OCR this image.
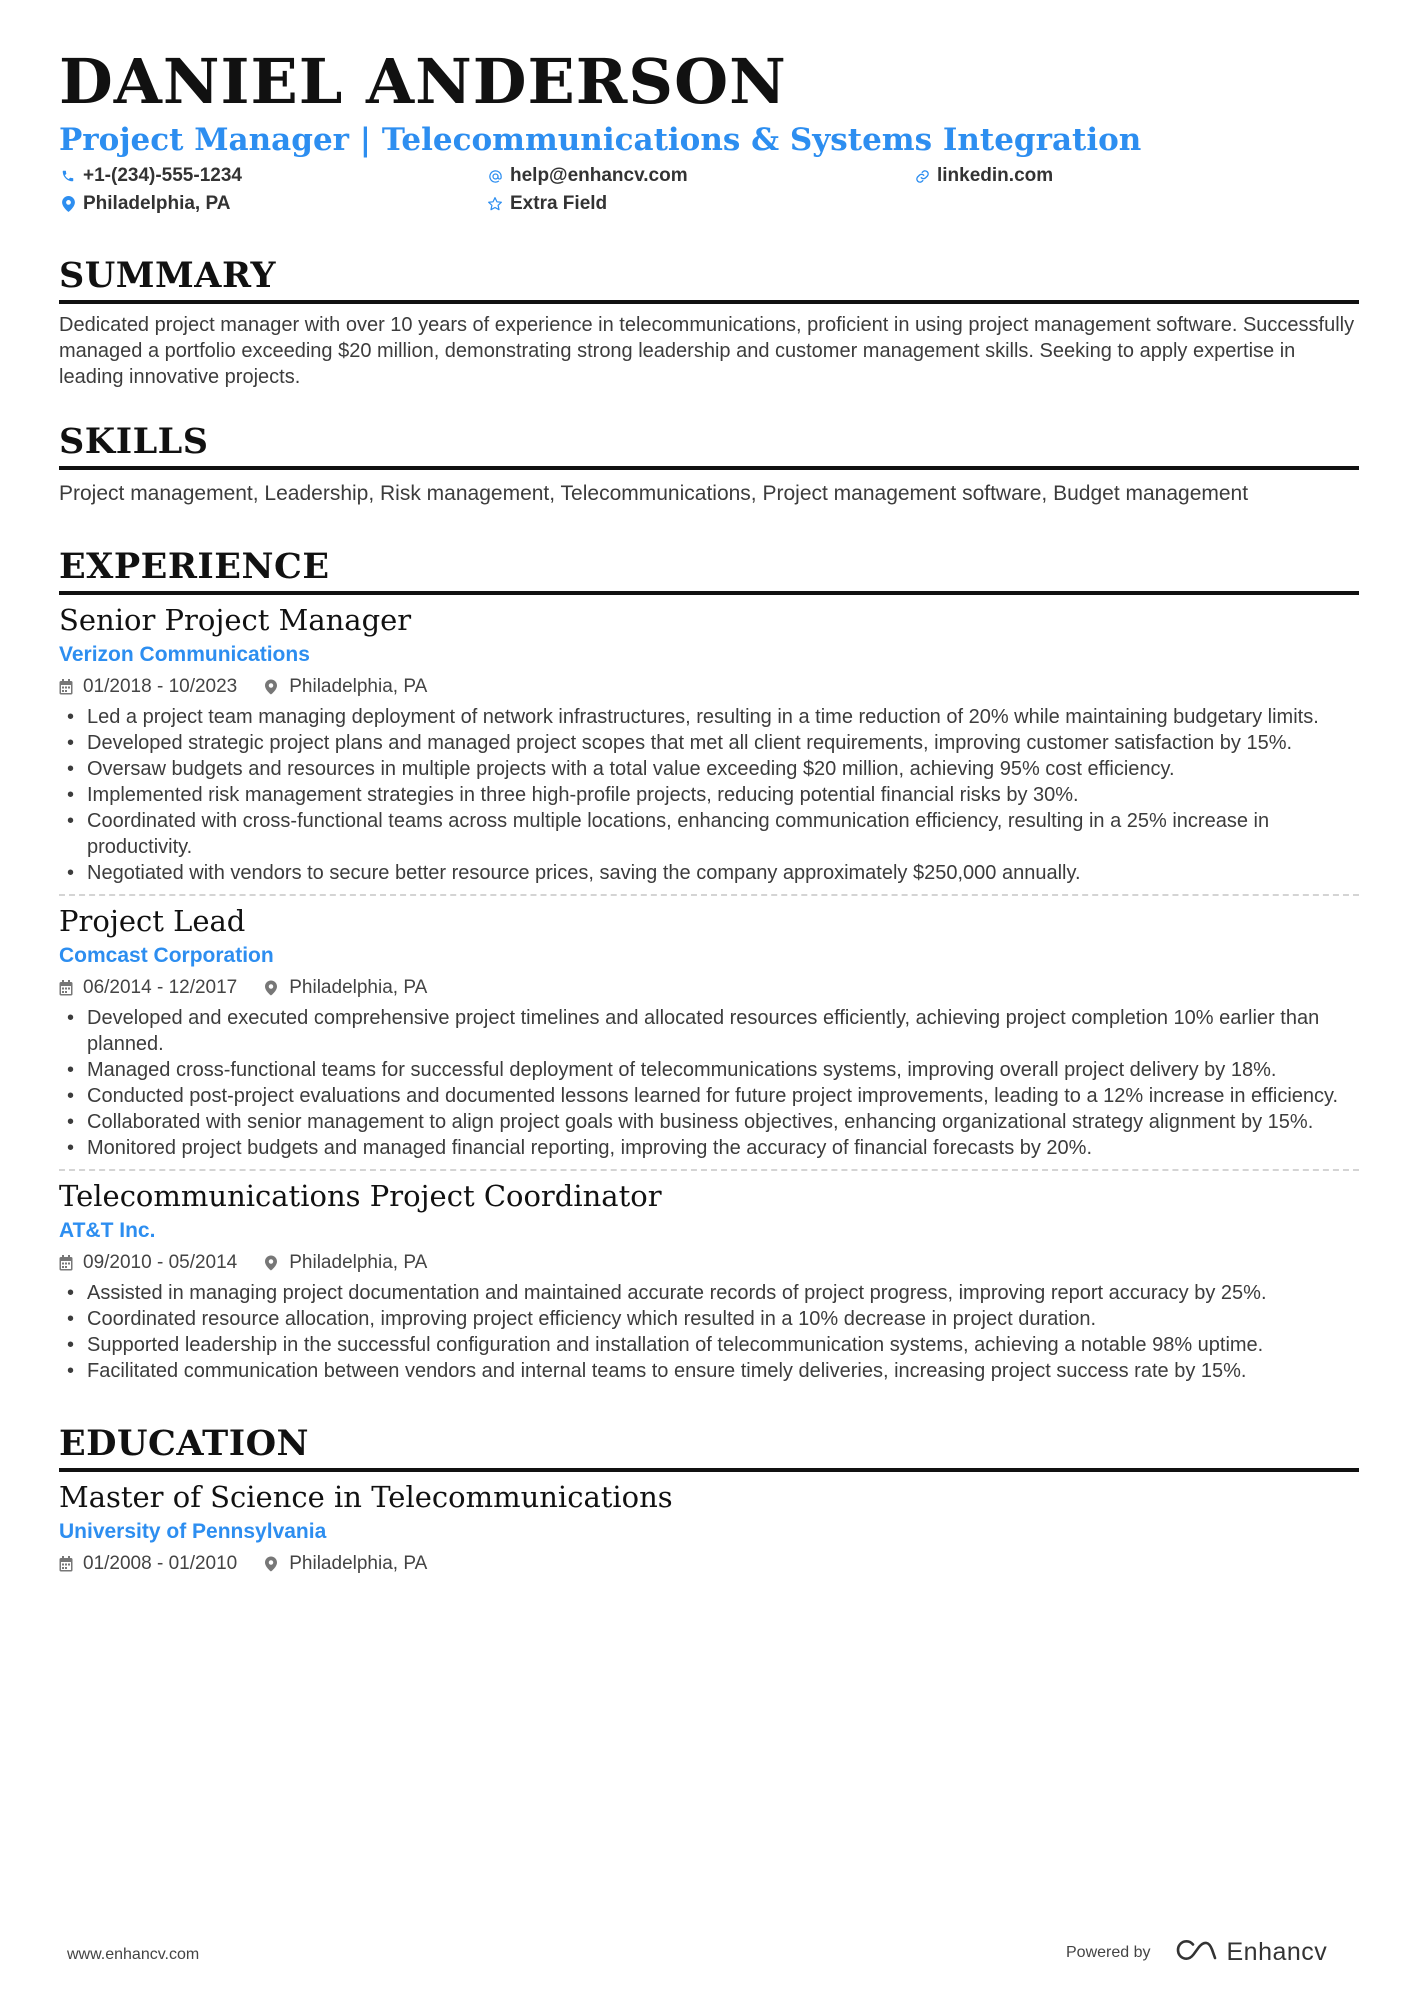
DANIEL ANDERSON
Project Manager | Telecommunications & Systems Integration
+1-(234)-555-1234	help@enhancv.com	linkedin.com
Philadelphia, PA	Extra Field
SUMMARY
Dedicated project manager with over 10 years of experience in telecommunications, proficient in using project management software. Successfully managed a portfolio exceeding $20 million, demonstrating strong leadership and customer management skills. Seeking to apply expertise in leading innovative projects.
SKILLS
Project management, Leadership, Risk management, Telecommunications, Project management software, Budget management
EXPERIENCE
Senior Project Manager
Verizon Communications
01/2018 - 10/2023	Philadelphia, PA
• Led a project team managing deployment of network infrastructures, resulting in a time reduction of 20% while maintaining budgetary limits.
• Developed strategic project plans and managed project scopes that met all client requirements, improving customer satisfaction by 15%.
• Oversaw budgets and resources in multiple projects with a total value exceeding $20 million, achieving 95% cost efficiency.
• Implemented risk management strategies in three high-profile projects, reducing potential financial risks by 30%.
• Coordinated with cross-functional teams across multiple locations, enhancing communication efficiency, resulting in a 25% increase in productivity.
• Negotiated with vendors to secure better resource prices, saving the company approximately $250,000 annually.
Project Lead
Comcast Corporation
06/2014 - 12/2017	Philadelphia, PA
• Developed and executed comprehensive project timelines and allocated resources efficiently, achieving project completion 10% earlier than planned.
• Managed cross-functional teams for successful deployment of telecommunications systems, improving overall project delivery by 18%.
• Conducted post-project evaluations and documented lessons learned for future project improvements, leading to a 12% increase in efficiency.
• Collaborated with senior management to align project goals with business objectives, enhancing organizational strategy alignment by 15%.
• Monitored project budgets and managed financial reporting, improving the accuracy of financial forecasts by 20%.
Telecommunications Project Coordinator
AT&T Inc.
09/2010 - 05/2014	Philadelphia, PA
• Assisted in managing project documentation and maintained accurate records of project progress, improving report accuracy by 25%.
• Coordinated resource allocation, improving project efficiency which resulted in a 10% decrease in project duration.
• Supported leadership in the successful configuration and installation of telecommunication systems, achieving a notable 98% uptime.
• Facilitated communication between vendors and internal teams to ensure timely deliveries, increasing project success rate by 15%.
EDUCATION
Master of Science in Telecommunications
University of Pennsylvania
01/2008 - 01/2010	Philadelphia, PA
www.enhancv.com	Powered by	Enhancv
